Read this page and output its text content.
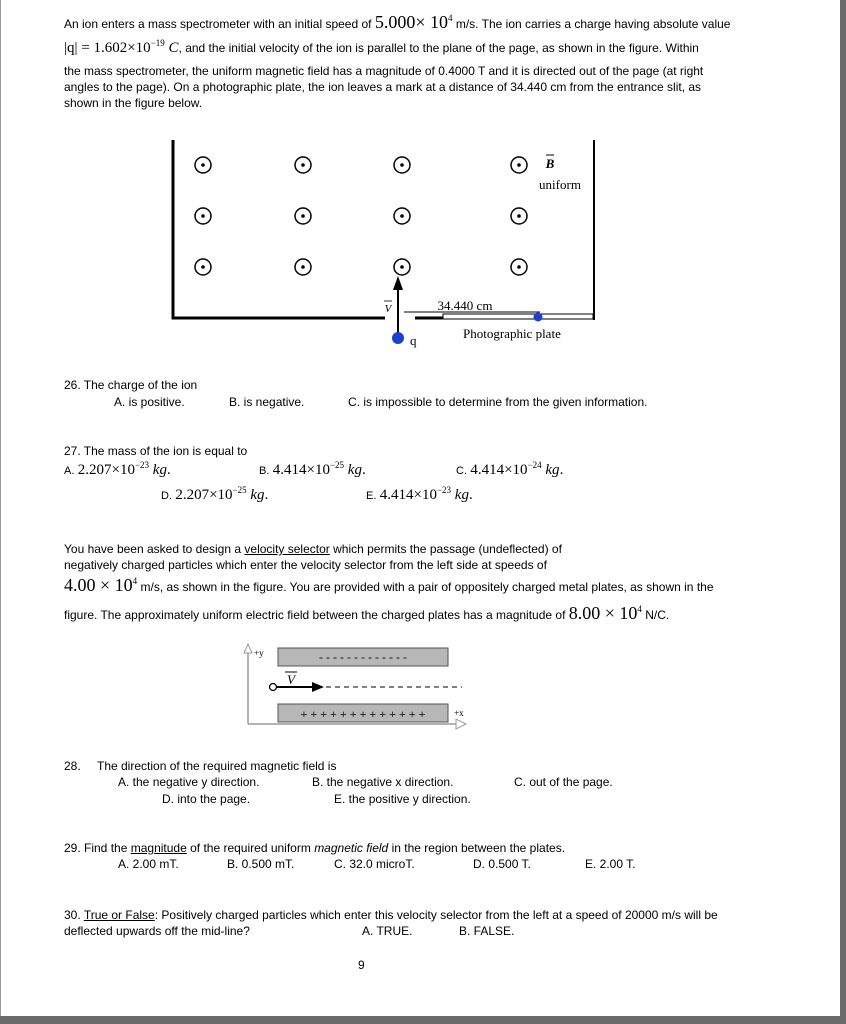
An ion enters a mass spectrometer with an initial speed of $5.000\times 10^4$ m/s. The ion carries a charge having absolute value
$|q| = 1.602\times 10^{-19}$ C, and the initial velocity of the ion is parallel to the plane of the page, as shown in the figure. Within
the mass spectrometer, the uniform magnetic field has a magnitude of 0.4000 T and it is directed out of the page (at right
angles to the page). On a photographic plate, the ion leaves a mark at a distance of 34.440 cm from the entrance slit, as
shown in the figure below.
B
uniform
V
q
34.440 cm
Photographic plate
26. The charge of the ion
A. is positive.	B. is negative.	C. is impossible to determine from the given information.
27. The mass of the ion is equal to
A. $2.207\times 10^{-23}$ kg.	B. $4.414\times 10^{-25}$ kg.	C. $4.414\times 10^{-24}$ kg.
D. $2.207\times 10^{-25}$ kg.	E. $4.414\times 10^{-23}$ kg.
You have been asked to design a velocity selector which permits the passage (undeflected) of
negatively charged particles which enter the velocity selector from the left side at speeds of
$4.00 \times 10^4$ m/s, as shown in the figure. You are provided with a pair of oppositely charged metal plates, as shown in the
figure. The approximately uniform electric field between the charged plates has a magnitude of $8.00 \times 10^4$ N/C.
+y
+x
- - - - - - - - - - - - -
+ + + + + + + + + + + + +
V
28. The direction of the required magnetic field is
A. the negative y direction.	B. the negative x direction.	C. out of the page.
D. into the page.	E. the positive y direction.
29. Find the magnitude of the required uniform magnetic field in the region between the plates.
A. 2.00 mT.	B. 0.500 mT.	C. 32.0 microT.	D. 0.500 T.	E. 2.00 T.
30. True or False: Positively charged particles which enter this velocity selector from the left at a speed of 20000 m/s will be
deflected upwards off the mid-line?	A. TRUE.	B. FALSE.
9
